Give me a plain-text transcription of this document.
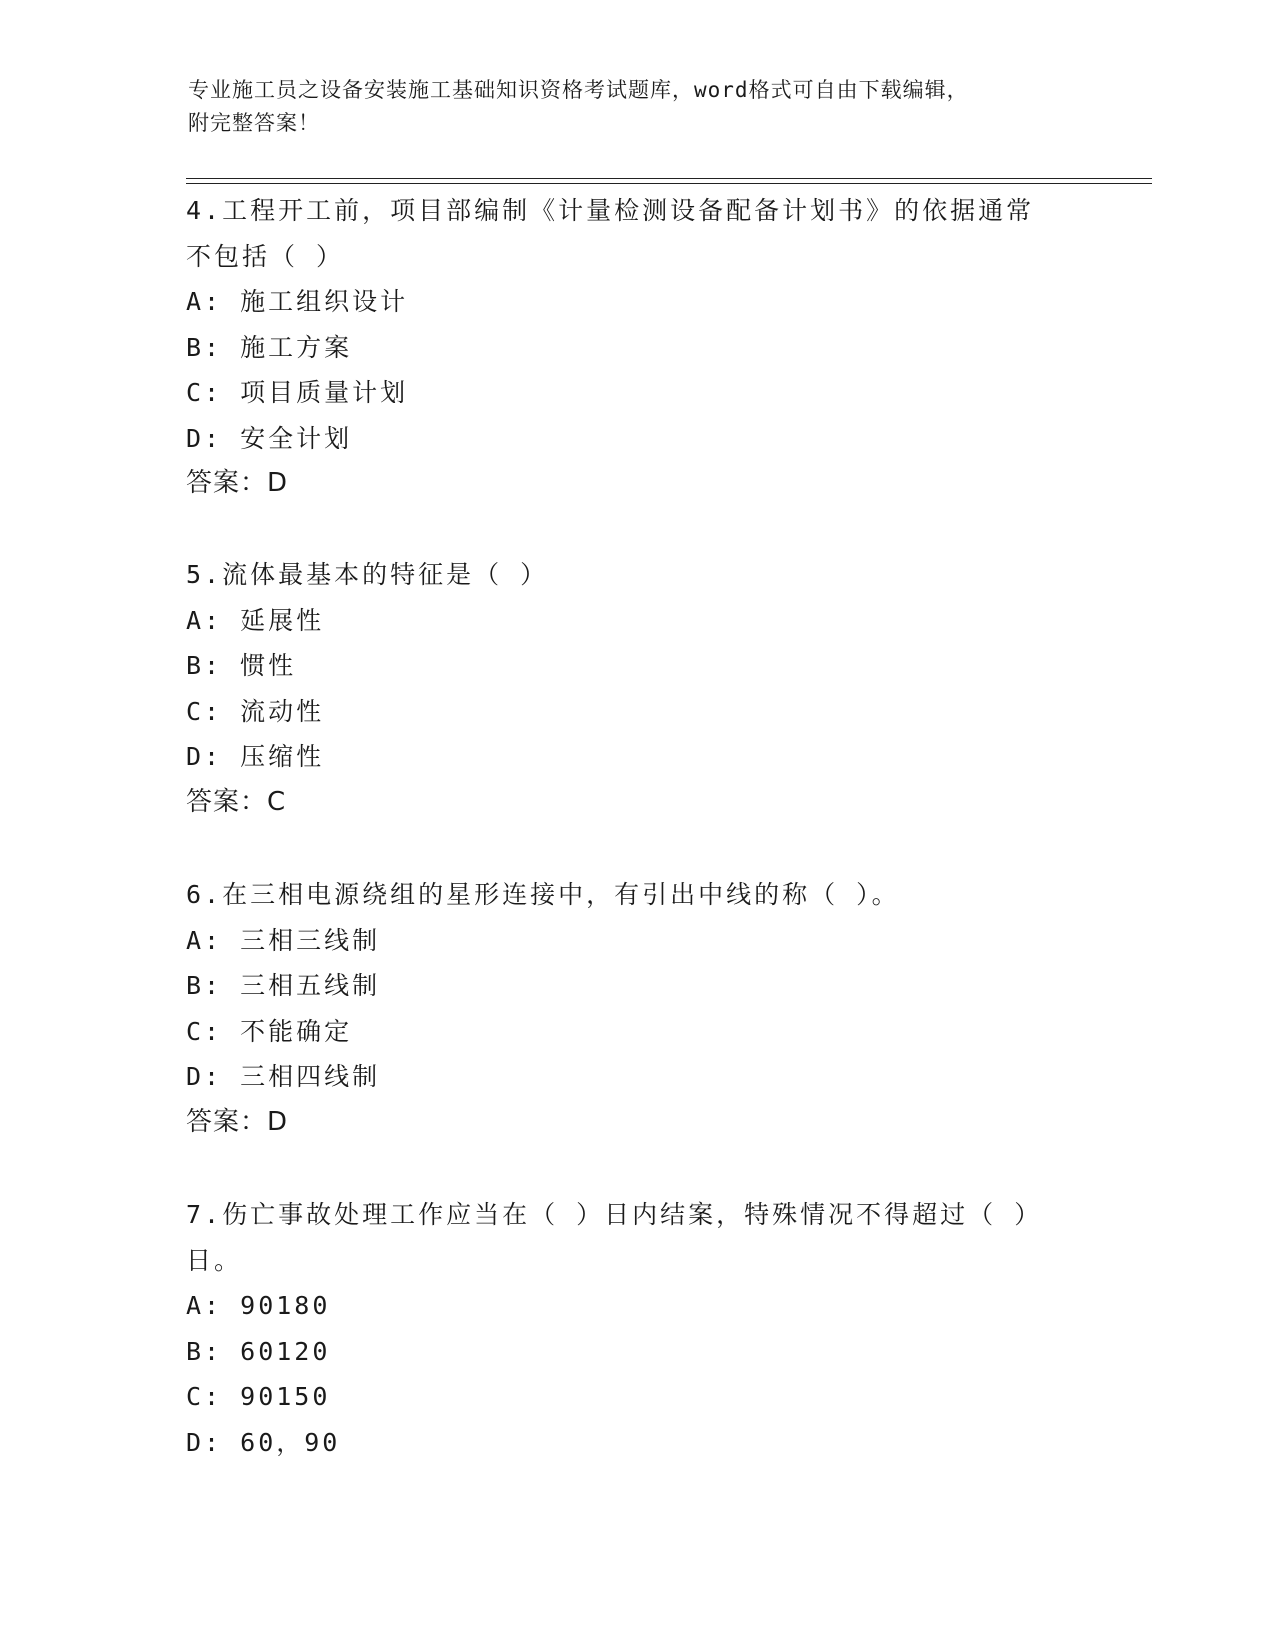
专业施工员之设备安装施工基础知识资格考试题库，word格式可自由下载编辑，
附完整答案！
4.工程开工前，项目部编制《计量检测设备配备计划书》的依据通常
不包括（ ）
A: 施工组织设计
B: 施工方案
C: 项目质量计划
D: 安全计划
答案：D
5.流体最基本的特征是（ ）
A: 延展性
B: 惯性
C: 流动性
D: 压缩性
答案：C
6.在三相电源绕组的星形连接中，有引出中线的称（ ）。
A: 三相三线制
B: 三相五线制
C: 不能确定
D: 三相四线制
答案：D
7.伤亡事故处理工作应当在（ ）日内结案，特殊情况不得超过（ ）
日。
A: 90180
B: 60120
C: 90150
D: 60，90
